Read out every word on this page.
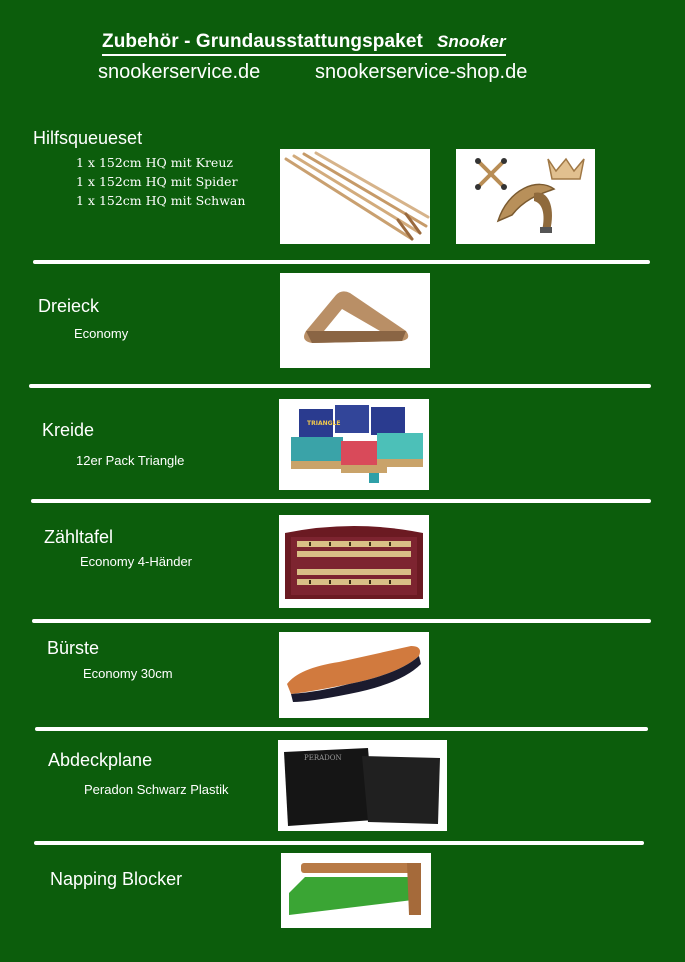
Zubehör - Grundausstattungspaket Snooker
snookerservice.de	snookerservice-shop.de
Hilfsqueueset
1 x 152cm HQ mit Kreuz
1 x 152cm HQ mit Spider
1 x 152cm HQ mit Schwan
Dreieck
Economy
Kreide
12er Pack Triangle
TRIANGLE
Zähltafel
Economy 4-Händer
Bürste
Economy 30cm
Abdeckplane
Peradon Schwarz Plastik
PERADON
Napping Blocker
